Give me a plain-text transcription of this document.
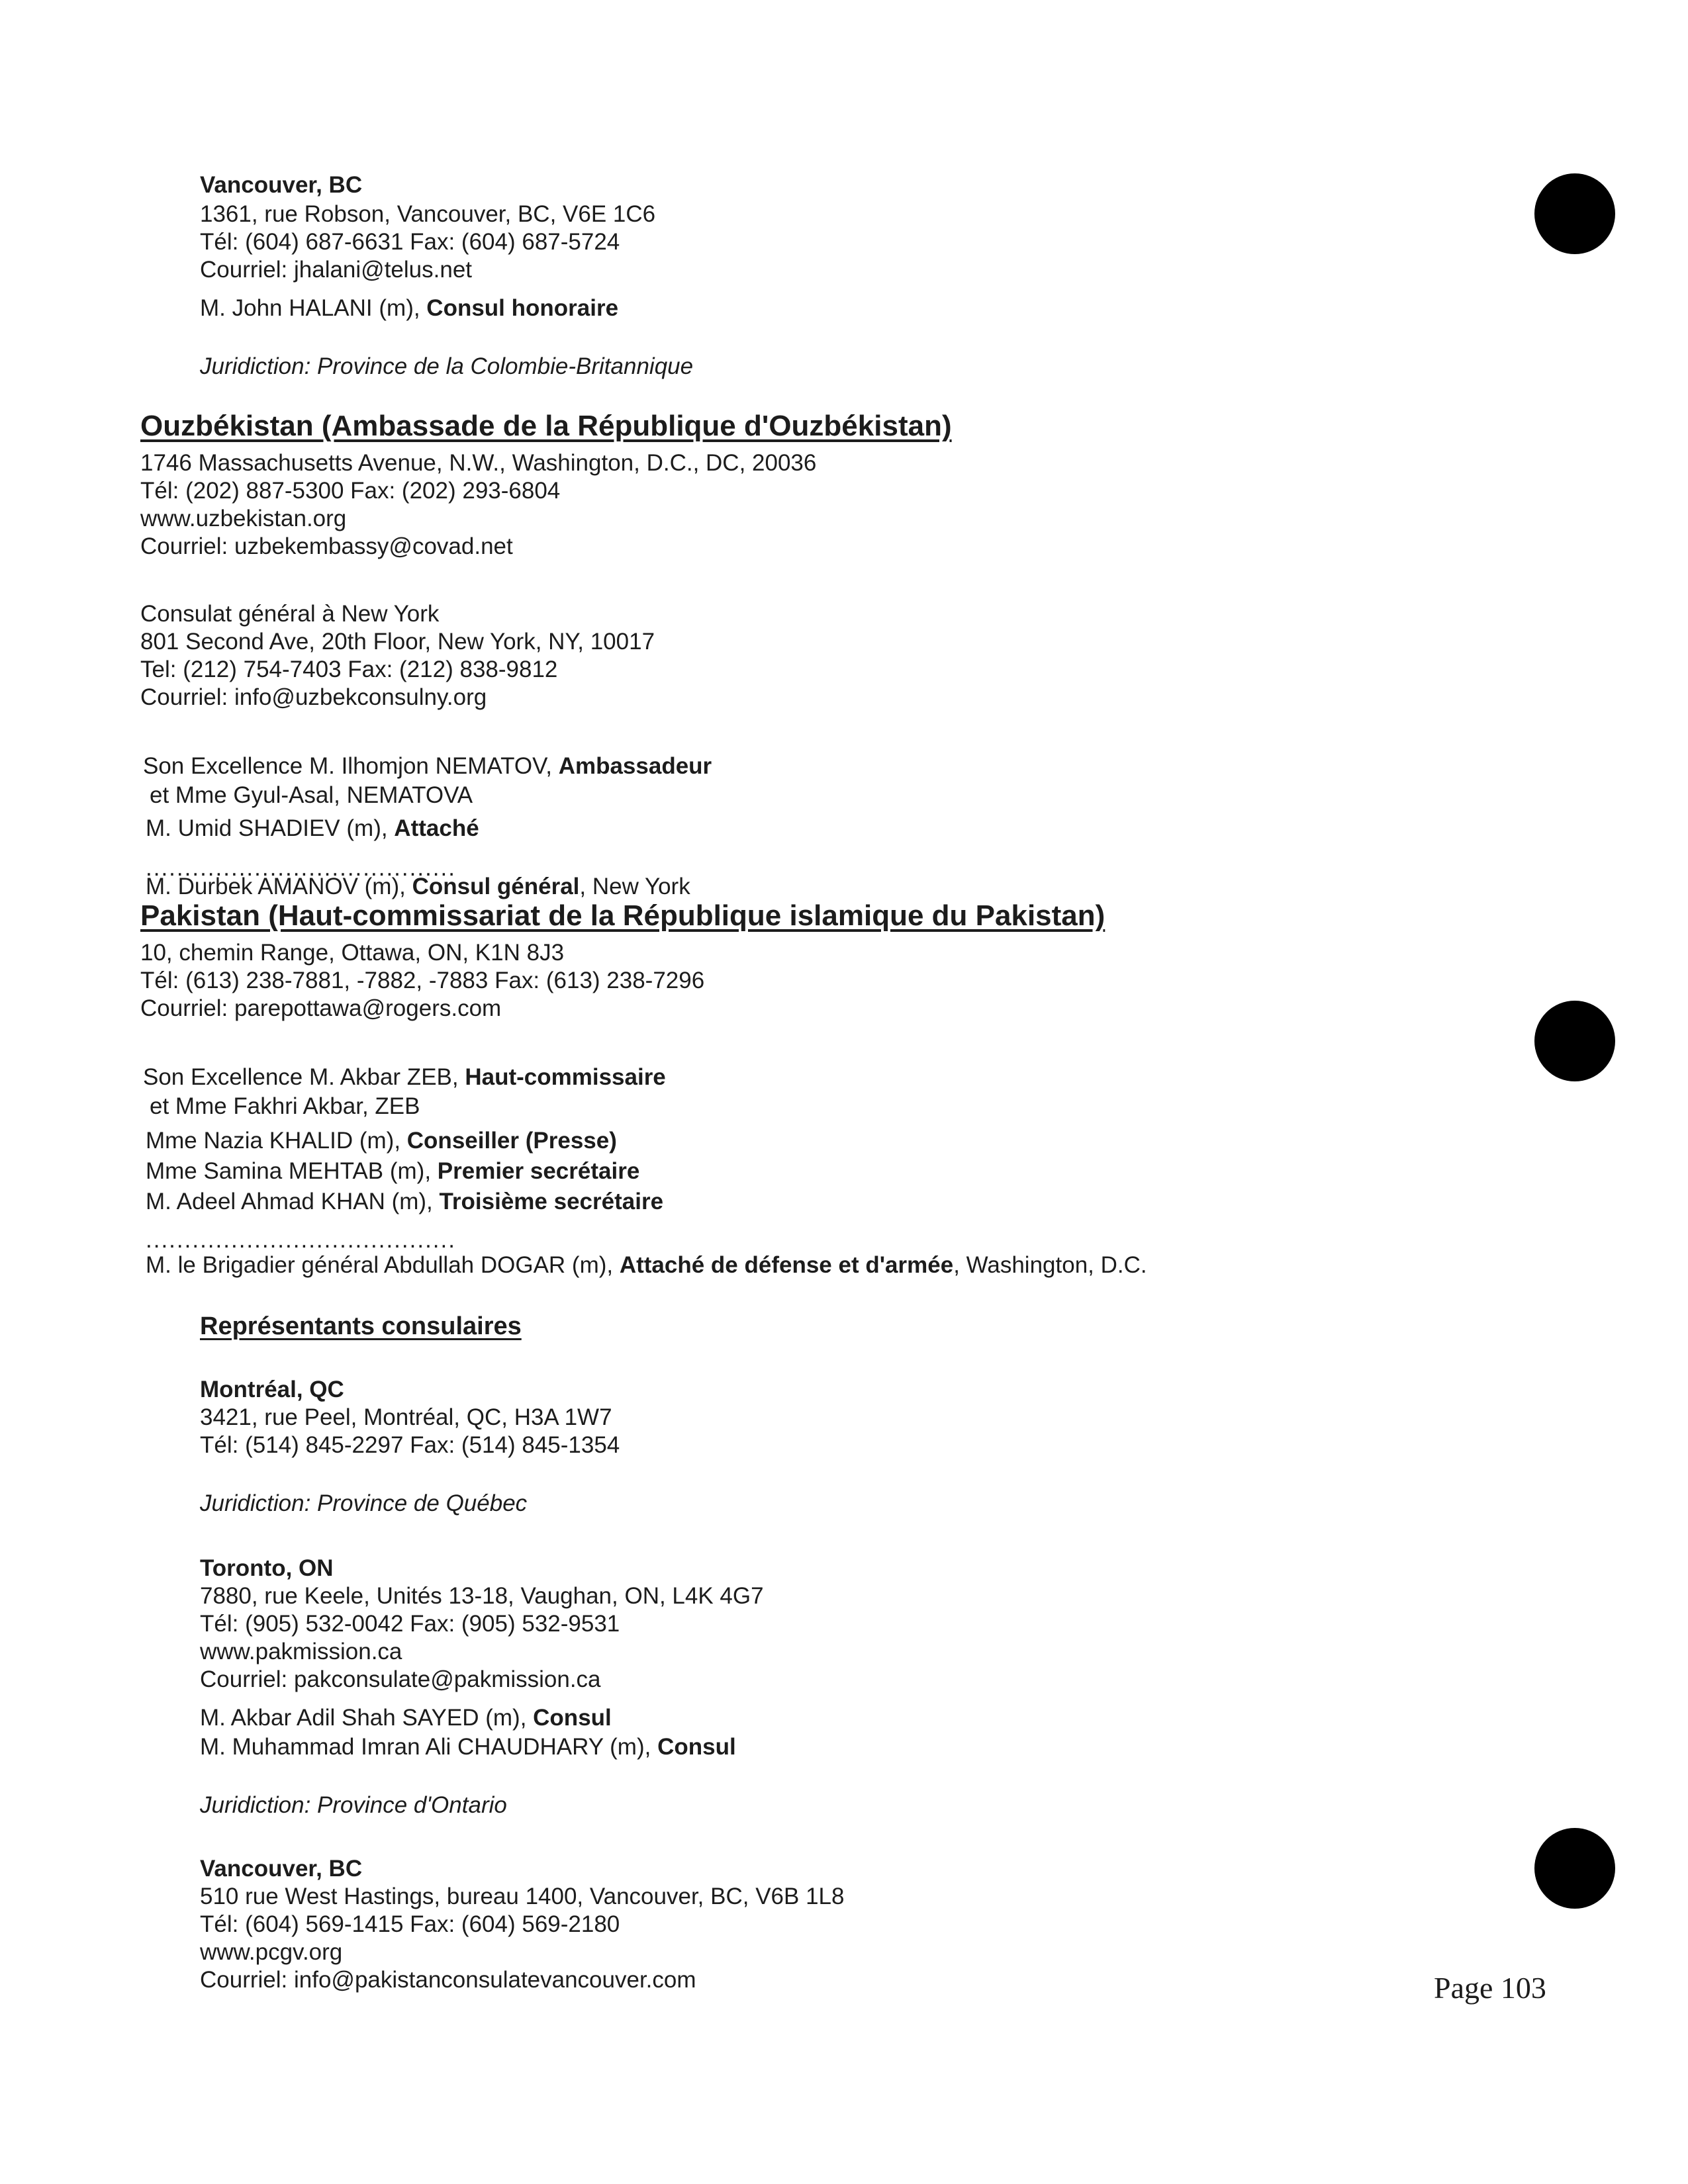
Vancouver, BC
1361, rue Robson, Vancouver, BC, V6E 1C6
Tél: (604) 687-6631 Fax: (604) 687-5724
Courriel: jhalani@telus.net
M. John HALANI (m), Consul honoraire
Juridiction: Province de la Colombie-Britannique
Ouzbékistan (Ambassade de la République d'Ouzbékistan)
1746 Massachusetts Avenue, N.W., Washington, D.C., DC, 20036
Tél: (202) 887-5300 Fax: (202) 293-6804
www.uzbekistan.org
Courriel: uzbekembassy@covad.net
Consulat général à New York
801 Second Ave, 20th Floor, New York, NY, 10017
Tel: (212) 754-7403 Fax: (212) 838-9812
Courriel: info@uzbekconsulny.org
Son Excellence M. Ilhomjon NEMATOV, Ambassadeur
et Mme Gyul-Asal, NEMATOVA
M. Umid SHADIEV (m), Attaché
........................................
M. Durbek AMANOV (m), Consul général, New York
Pakistan (Haut-commissariat de la République islamique du Pakistan)
10, chemin Range, Ottawa, ON, K1N 8J3
Tél: (613) 238-7881, -7882, -7883 Fax: (613) 238-7296
Courriel: parepottawa@rogers.com
Son Excellence M. Akbar ZEB, Haut-commissaire
et Mme Fakhri Akbar, ZEB
Mme Nazia KHALID (m), Conseiller (Presse)
Mme Samina MEHTAB (m), Premier secrétaire
M. Adeel Ahmad KHAN (m), Troisième secrétaire
........................................
M. le Brigadier général Abdullah DOGAR (m), Attaché de défense et d'armée, Washington, D.C.
Représentants consulaires
Montréal, QC
3421, rue Peel, Montréal, QC, H3A 1W7
Tél: (514) 845-2297 Fax: (514) 845-1354
Juridiction: Province de Québec
Toronto, ON
7880, rue Keele, Unités 13-18, Vaughan, ON, L4K 4G7
Tél: (905) 532-0042 Fax: (905) 532-9531
www.pakmission.ca
Courriel: pakconsulate@pakmission.ca
M. Akbar Adil Shah SAYED (m), Consul
M. Muhammad Imran Ali CHAUDHARY (m), Consul
Juridiction: Province d'Ontario
Vancouver, BC
510 rue West Hastings, bureau 1400, Vancouver, BC, V6B 1L8
Tél: (604) 569-1415 Fax: (604) 569-2180
www.pcgv.org
Courriel: info@pakistanconsulatevancouver.com	Page 103
